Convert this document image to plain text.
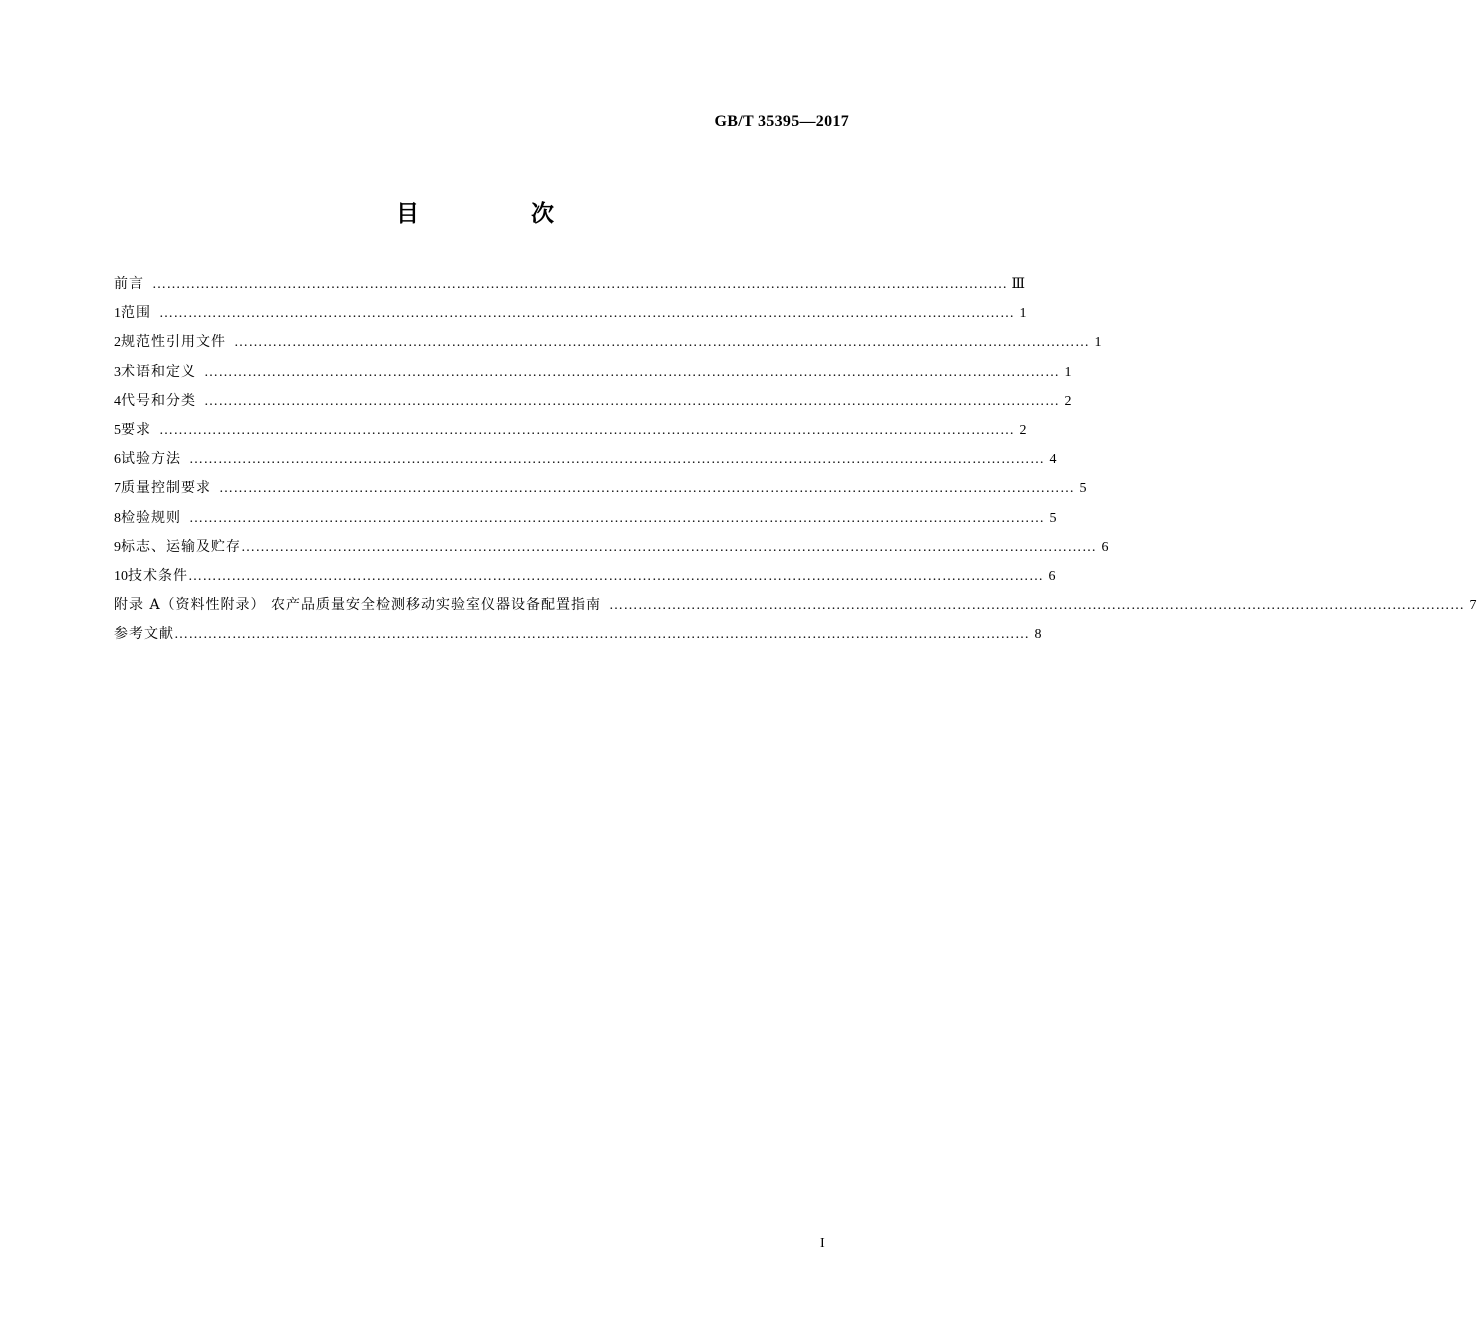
GB/T 35395—2017
目 次
前言 …………………………………………………………………………………………………………………………………………………………… Ⅲ
1 范围 …………………………………………………………………………………………………………………………………………………………… 1
2 规范性引用文件 …………………………………………………………………………………………………………………………………………………………… 1
3 术语和定义 …………………………………………………………………………………………………………………………………………………………… 1
4 代号和分类 …………………………………………………………………………………………………………………………………………………………… 2
5 要求 …………………………………………………………………………………………………………………………………………………………… 2
6 试验方法 …………………………………………………………………………………………………………………………………………………………… 4
7 质量控制要求 …………………………………………………………………………………………………………………………………………………………… 5
8 检验规则 …………………………………………………………………………………………………………………………………………………………… 5
9 标志、运输及贮存 …………………………………………………………………………………………………………………………………………………………… 6
10 技术条件 …………………………………………………………………………………………………………………………………………………………… 6
附录 A（资料性附录） 农产品质量安全检测移动实验室仪器设备配置指南 …………………………………………………………………………………………………………………………………………………………… 7
参考文献 …………………………………………………………………………………………………………………………………………………………… 8
I
